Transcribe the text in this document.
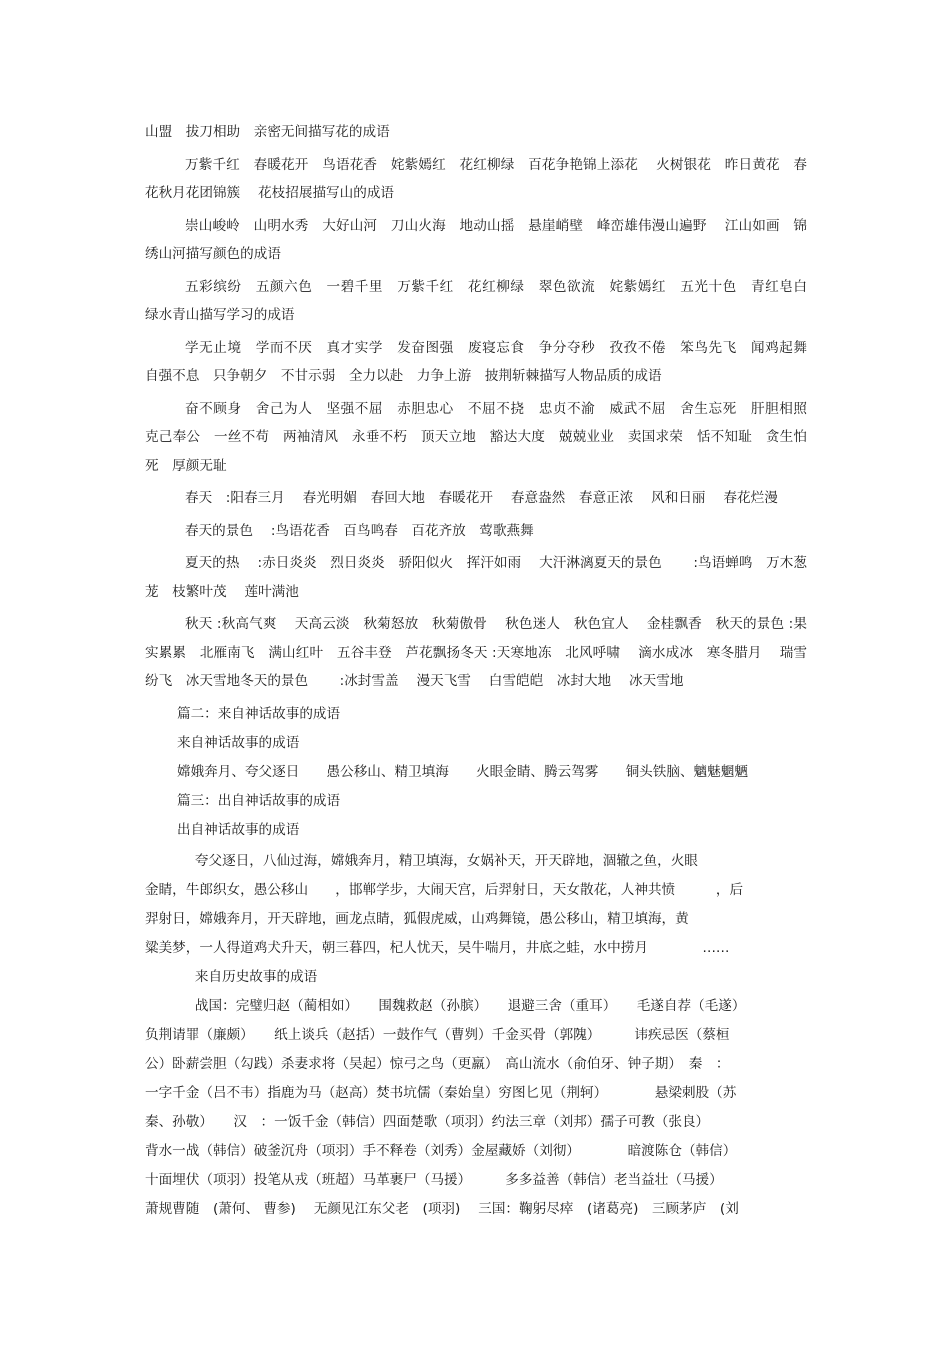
山盟　拔刀相助　亲密无间描写花的成语

万紫千红　春暖花开　鸟语花香　姹紫嫣红　花红柳绿　百花争艳锦上添花　 火树银花　昨日黄花　春花秋月花团锦簇　 花枝招展描写山的成语

崇山峻岭　山明水秀　大好山河　刀山火海　地动山摇　悬崖峭壁　峰峦雄伟漫山遍野　 江山如画　锦绣山河描写颜色的成语

五彩缤纷　五颜六色　一碧千里　万紫千红　花红柳绿　翠色欲流　姹紫嫣红　五光十色　青红皂白　绿水青山描写学习的成语

学无止境　学而不厌　真才实学　发奋图强　废寝忘食　争分夺秒　孜孜不倦　笨鸟先飞　闻鸡起舞　自强不息　只争朝夕　不甘示弱　全力以赴　力争上游　披荆斩棘描写人物品质的成语

奋不顾身　舍己为人　坚强不屈　赤胆忠心　不屈不挠　忠贞不渝　威武不屈　舍生忘死　肝胆相照　克己奉公　一丝不苟　两袖清风　永垂不朽　顶天立地　豁达大度　兢兢业业　卖国求荣　恬不知耻　贪生怕死　厚颜无耻

春天　:阳春三月　 春光明媚　春回大地　春暖花开　 春意盎然　春意正浓　 风和日丽　 春花烂漫

春天的景色　 :鸟语花香　百鸟鸣春　百花齐放　莺歌燕舞

夏天的热　 :赤日炎炎　烈日炎炎　骄阳似火　挥汗如雨　 大汗淋漓夏天的景色　　 :鸟语蝉鸣　万木葱茏　枝繁叶茂　 莲叶满池

秋天 :秋高气爽　 天高云淡　秋菊怒放　秋菊傲骨　 秋色迷人　秋色宜人　 金桂飘香　秋天的景色 :果实累累　北雁南飞　满山红叶　五谷丰登　芦花飘扬冬天 :天寒地冻　北风呼啸　 滴水成冰　寒冬腊月　 瑞雪纷飞　冰天雪地冬天的景色　　 :冰封雪盖　 漫天飞雪　 白雪皑皑　冰封大地　 冰天雪地

篇二：来自神话故事的成语

来自神话故事的成语

嫦娥奔月、夸父逐日　　愚公移山、精卫填海　　火眼金睛、腾云驾雾　　铜头铁脑、魑魅魍魉

篇三：出自神话故事的成语

出自神话故事的成语

　 夸父逐日，八仙过海，嫦娥奔月，精卫填海，女娲补天，开天辟地，涸辙之鱼，火眼

金睛，牛郎织女，愚公移山　　，邯郸学步，大闹天宫，后羿射日，天女散花，人神共愤　　　，后

羿射日，嫦娥奔月，开天辟地，画龙点睛，狐假虎威，山鸡舞镜，愚公移山，精卫填海，黄

粱美梦，一人得道鸡犬升天，朝三暮四，杞人忧天，吴牛喘月，井底之蛙，水中捞月　　　　……

　 来自历史故事的成语

　 战国：完璧归赵（蔺相如）　　围魏救赵（孙膑）　　退避三舍（重耳）　　毛遂自荐（毛遂）

负荆请罪（廉颇）　　纸上谈兵（赵括）一鼓作气（曹刿）千金买骨（郭隗）　　　讳疾忌医（蔡桓

公）卧薪尝胆（勾践）杀妻求将（吴起）惊弓之鸟（更羸）　高山流水（俞伯牙、钟子期）　秦　：

一字千金（吕不韦）指鹿为马（赵高）焚书坑儒（秦始皇）穷图匕见（荆轲）　　　　悬梁刺股（苏

秦、孙敬）　　汉　：一饭千金（韩信）四面楚歌（项羽）约法三章（刘邦）孺子可教（张良）

背水一战（韩信）破釜沉舟（项羽）手不释卷（刘秀）金屋藏娇（刘彻）　　　　暗渡陈仓（韩信）

十面埋伏（项羽）投笔从戎（班超）马革裹尸（马援）　　　多多益善（韩信）老当益壮（马援）

萧规曹随　(萧何、 曹参)　 无颜见江东父老　(项羽)　 三国：鞠躬尽瘁　(诸葛亮)　三顾茅庐　(刘
